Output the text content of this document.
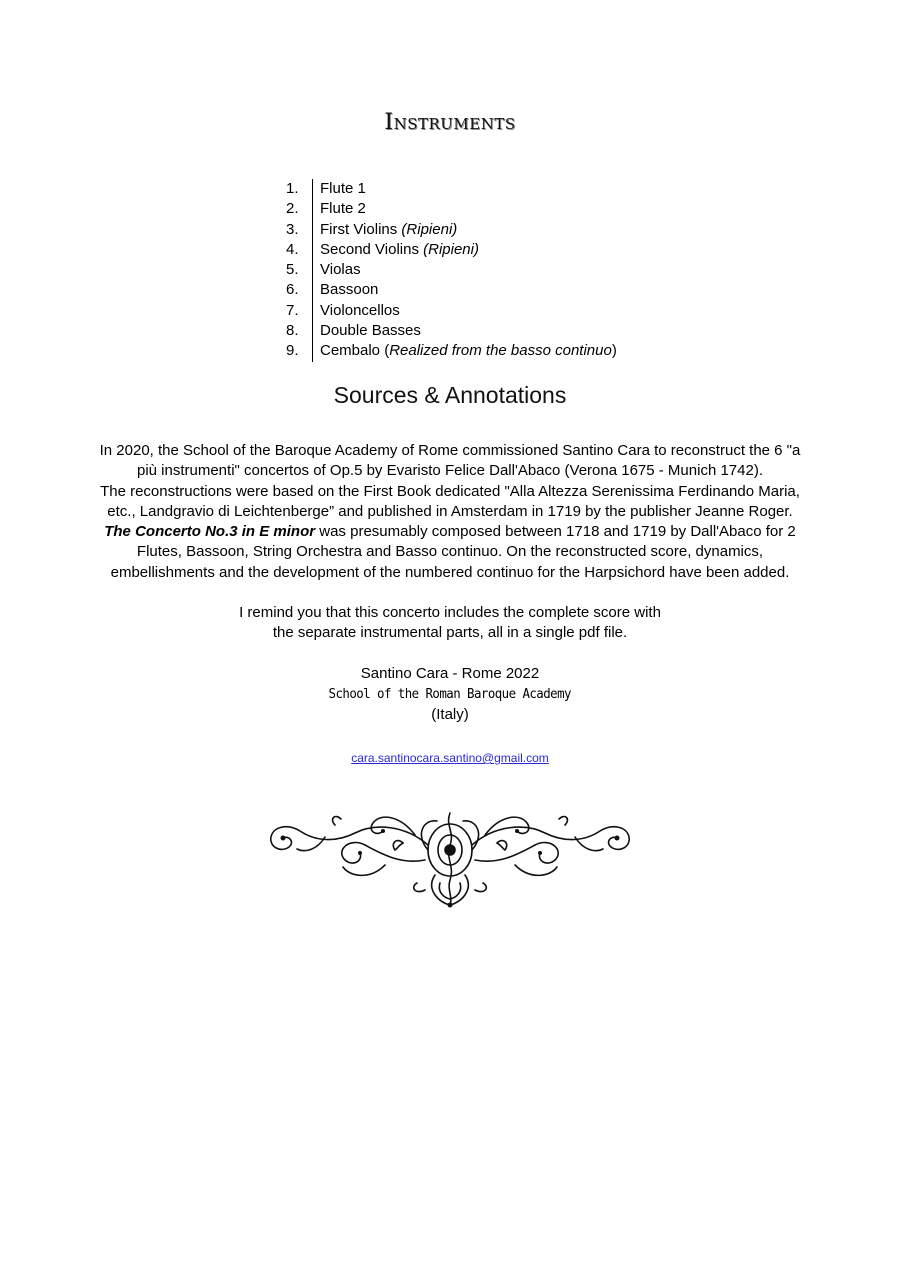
Instruments
1.	Flute 1
2.	Flute 2
3.	First Violins (Ripieni)
4.	Second Violins (Ripieni)
5.	Violas
6.	Bassoon
7.	Violoncellos
8.	Double Basses
9.	Cembalo (Realized from the basso continuo)
Sources & Annotations
In 2020, the School of the Baroque Academy of Rome commissioned Santino Cara to reconstruct the 6 "a
più instrumenti" concertos of Op.5 by Evaristo Felice Dall'Abaco (Verona 1675 - Munich 1742).
The reconstructions were based on the First Book dedicated "Alla Altezza Serenissima Ferdinando Maria,
etc., Landgravio di Leichtenberge” and published in Amsterdam in 1719 by the publisher Jeanne Roger.
The Concerto No.3 in E minor was presumably composed between 1718 and 1719 by Dall'Abaco for 2
Flutes, Bassoon, String Orchestra and Basso continuo. On the reconstructed score, dynamics,
embellishments and the development of the numbered continuo for the Harpsichord have been added.
I remind you that this concerto includes the complete score with
the separate instrumental parts, all in a single pdf file.
Santino Cara - Rome 2022
School of the Roman Baroque Academy
(Italy)
cara.santinocara.santino@gmail.com
